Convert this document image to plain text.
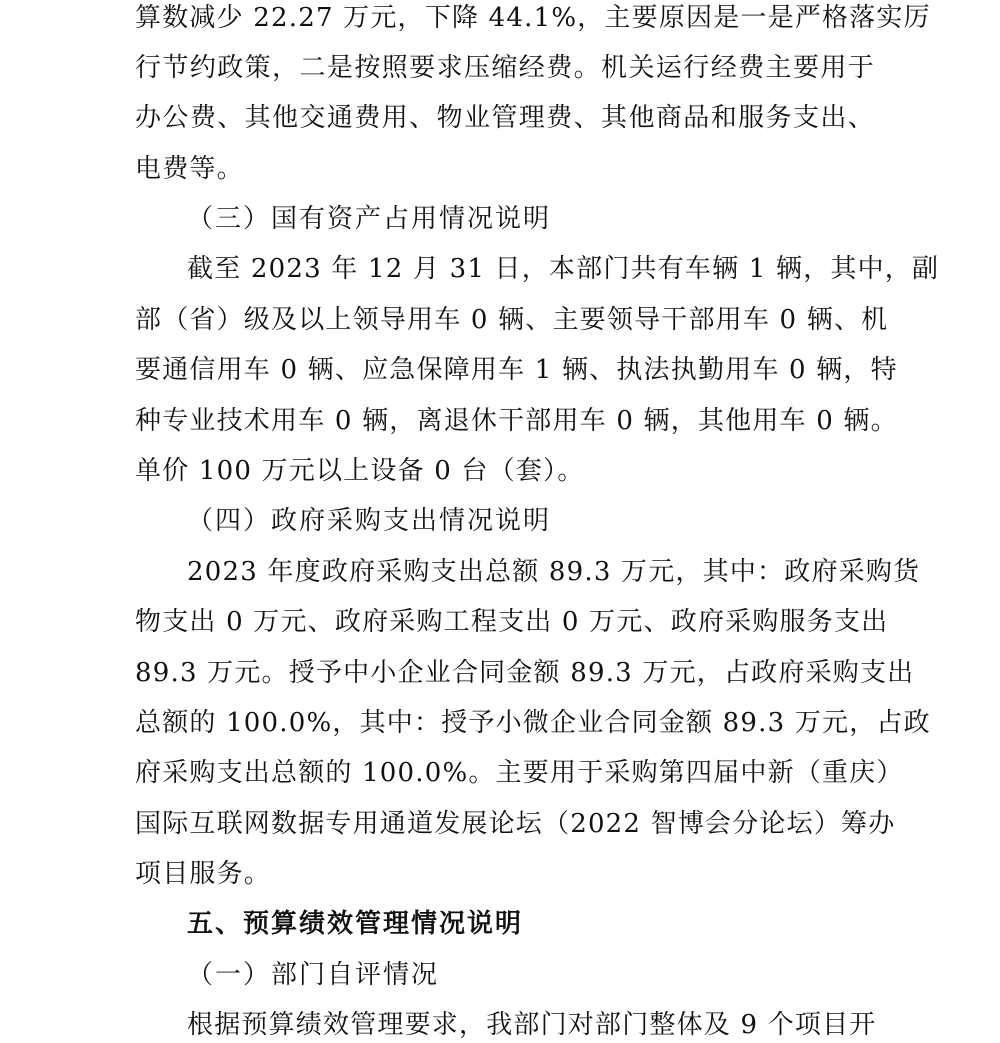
算数减少 22.27 万元，下降 44.1%，主要原因是一是严格落实厉
行节约政策，二是按照要求压缩经费。机关运行经费主要用于
办公费、其他交通费用、物业管理费、其他商品和服务支出、
电费等。
（三）国有资产占用情况说明
截至 2023 年 12 月 31 日，本部门共有车辆 1 辆，其中，副
部（省）级及以上领导用车 0 辆、主要领导干部用车 0 辆、机
要通信用车 0 辆、应急保障用车 1 辆、执法执勤用车 0 辆，特
种专业技术用车 0 辆，离退休干部用车 0 辆，其他用车 0 辆。
单价 100 万元以上设备 0 台（套）。
（四）政府采购支出情况说明
2023 年度政府采购支出总额 89.3 万元，其中：政府采购货
物支出 0 万元、政府采购工程支出 0 万元、政府采购服务支出
89.3 万元。授予中小企业合同金额 89.3 万元，占政府采购支出
总额的 100.0%，其中：授予小微企业合同金额 89.3 万元，占政
府采购支出总额的 100.0%。主要用于采购第四届中新（重庆）
国际互联网数据专用通道发展论坛（2022 智博会分论坛）筹办
项目服务。
五、预算绩效管理情况说明
（一）部门自评情况
根据预算绩效管理要求，我部门对部门整体及 9 个项目开
